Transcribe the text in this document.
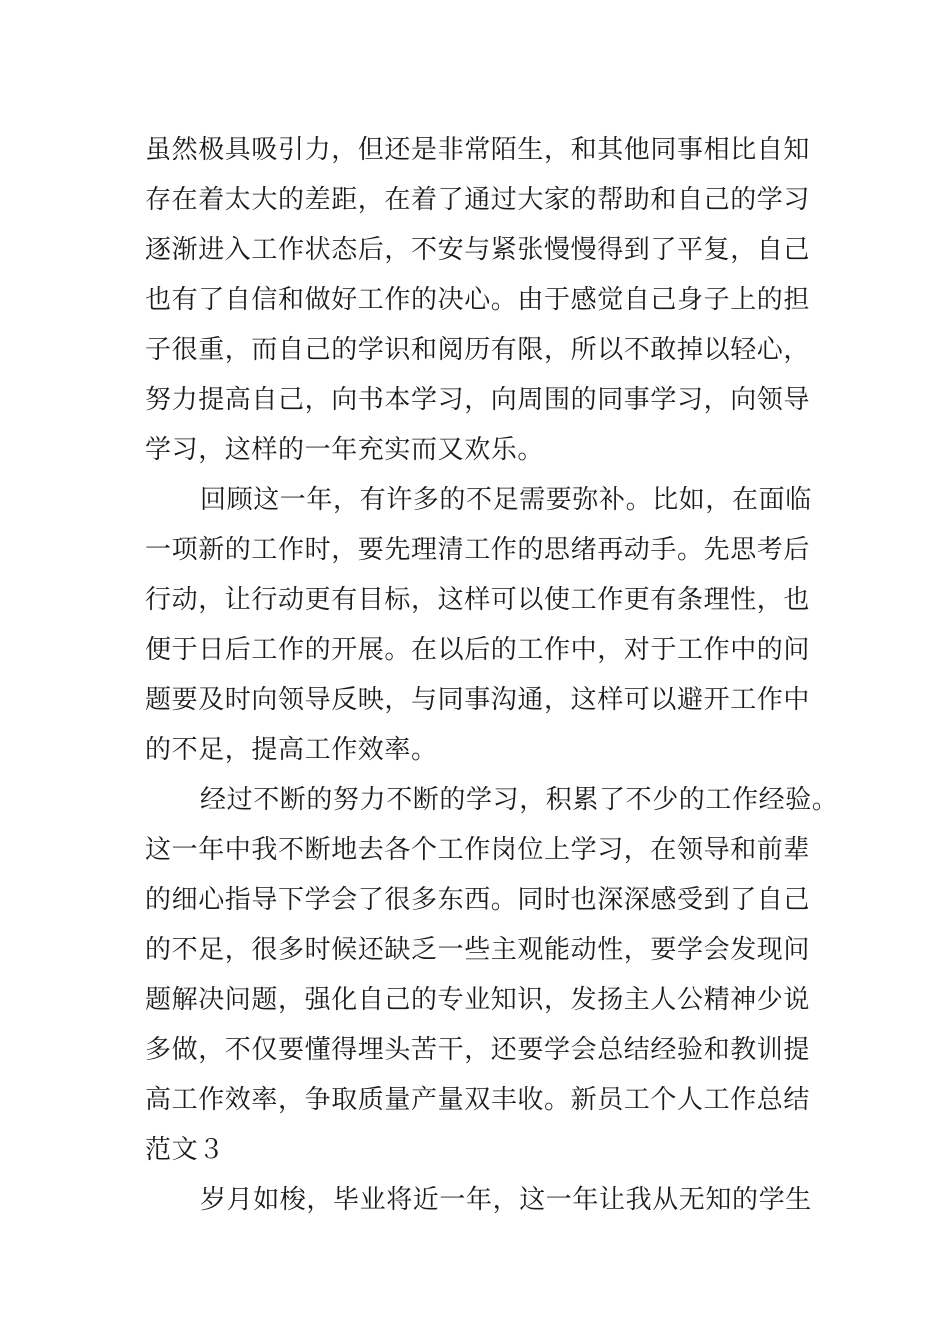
虽然极具吸引力，但还是非常陌生，和其他同事相比自知
存在着太大的差距，在着了通过大家的帮助和自己的学习
逐渐进入工作状态后，不安与紧张慢慢得到了平复，自己
也有了自信和做好工作的决心。由于感觉自己身子上的担
子很重，而自己的学识和阅历有限，所以不敢掉以轻心，
努力提高自己，向书本学习，向周围的同事学习，向领导
学习，这样的一年充实而又欢乐。
回顾这一年，有许多的不足需要弥补。比如，在面临
一项新的工作时，要先理清工作的思绪再动手。先思考后
行动，让行动更有目标，这样可以使工作更有条理性，也
便于日后工作的开展。在以后的工作中，对于工作中的问
题要及时向领导反映，与同事沟通，这样可以避开工作中
的不足，提高工作效率。
经过不断的努力不断的学习，积累了不少的工作经验。
这一年中我不断地去各个工作岗位上学习，在领导和前辈
的细心指导下学会了很多东西。同时也深深感受到了自己
的不足，很多时候还缺乏一些主观能动性，要学会发现问
题解决问题，强化自己的专业知识，发扬主人公精神少说
多做，不仅要懂得埋头苦干，还要学会总结经验和教训提
高工作效率，争取质量产量双丰收。新员工个人工作总结
范文３
岁月如梭，毕业将近一年，这一年让我从无知的学生
